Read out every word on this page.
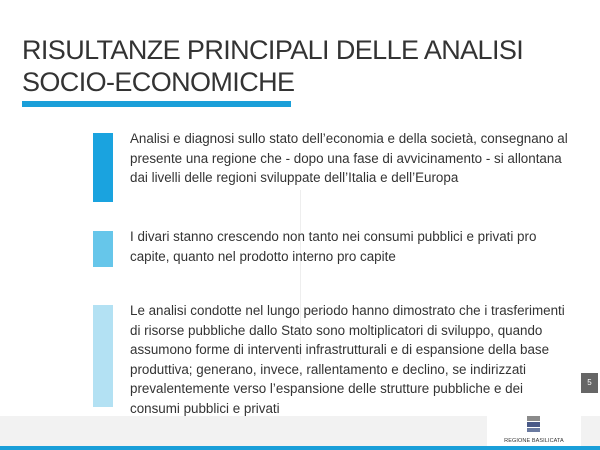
RISULTANZE PRINCIPALI DELLE ANALISI
SOCIO-ECONOMICHE

Analisi e diagnosi sullo stato dell’economia e della società, consegnano al presente una regione che - dopo una fase di avvicinamento - si allontana dai livelli delle regioni sviluppate dell’Italia e dell’Europa

I divari stanno crescendo non tanto nei consumi pubblici e privati pro capite, quanto nel prodotto interno pro capite

Le analisi condotte nel lungo periodo hanno dimostrato che i trasferimenti di risorse pubbliche dallo Stato sono moltiplicatori di sviluppo, quando assumono forme di interventi infrastrutturali e di espansione della base produttiva; generano, invece, rallentamento e declino, se indirizzati prevalentemente verso l’espansione delle strutture pubbliche e dei consumi pubblici e privati

5
REGIONE BASILICATA
